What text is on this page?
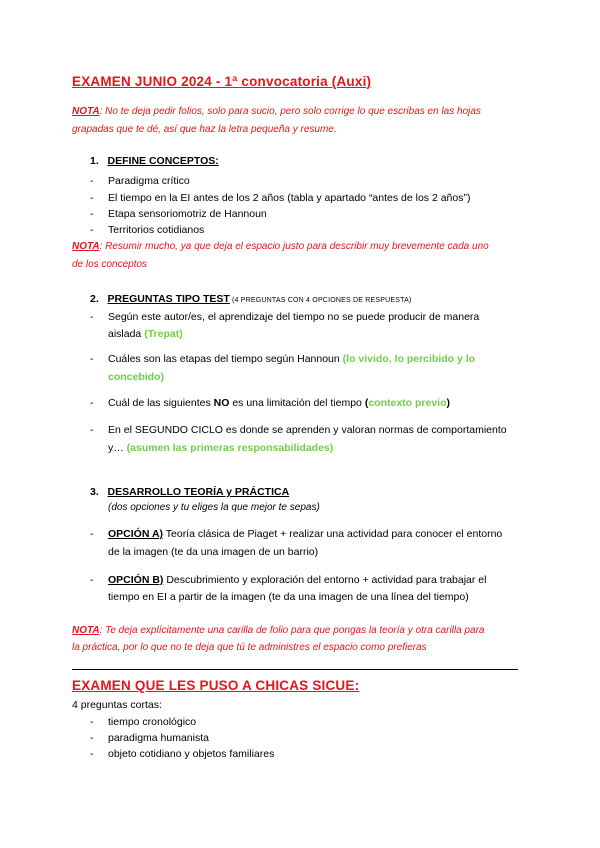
EXAMEN JUNIO 2024 - 1ª convocatoria (Auxi)
NOTA: No te deja pedir folios, solo para sucio, pero solo corrige lo que escribas en las hojas
grapadas que te dé, así que haz la letra pequeña y resume.
1. DEFINE CONCEPTOS:
- Paradigma crítico
- El tiempo en la EI antes de los 2 años (tabla y apartado “antes de los 2 años”)
- Etapa sensoriomotriz de Hannoun
- Territorios cotidianos
NOTA: Resumir mucho, ya que deja el espacio justo para describir muy brevemente cada uno
de los conceptos
2. PREGUNTAS TIPO TEST (4 PREGUNTAS CON 4 OPCIONES DE RESPUESTA)
- Según este autor/es, el aprendizaje del tiempo no se puede producir de manera
aislada (Trepat)
- Cuáles son las etapas del tiempo según Hannoun (lo vivido, lo percibido y lo
concebido)
- Cuál de las siguientes NO es una limitación del tiempo (contexto previo)
- En el SEGUNDO CICLO es donde se aprenden y valoran normas de comportamiento
y… (asumen las primeras responsabilidades)
3. DESARROLLO TEORÍA y PRÁCTICA
(dos opciones y tu eliges la que mejor te sepas)
- OPCIÓN A) Teoría clásica de Piaget + realizar una actividad para conocer el entorno
de la imagen (te da una imagen de un barrio)
- OPCIÓN B) Descubrimiento y exploración del entorno + actividad para trabajar el
tiempo en EI a partir de la imagen (te da una imagen de una línea del tiempo)
NOTA: Te deja explícitamente una carilla de folio para que pongas la teoría y otra carilla para
la práctica, por lo que no te deja que tú te administres el espacio como prefieras
EXAMEN QUE LES PUSO A CHICAS SICUE:
4 preguntas cortas:
- tiempo cronológico
- paradigma humanista
- objeto cotidiano y objetos familiares
